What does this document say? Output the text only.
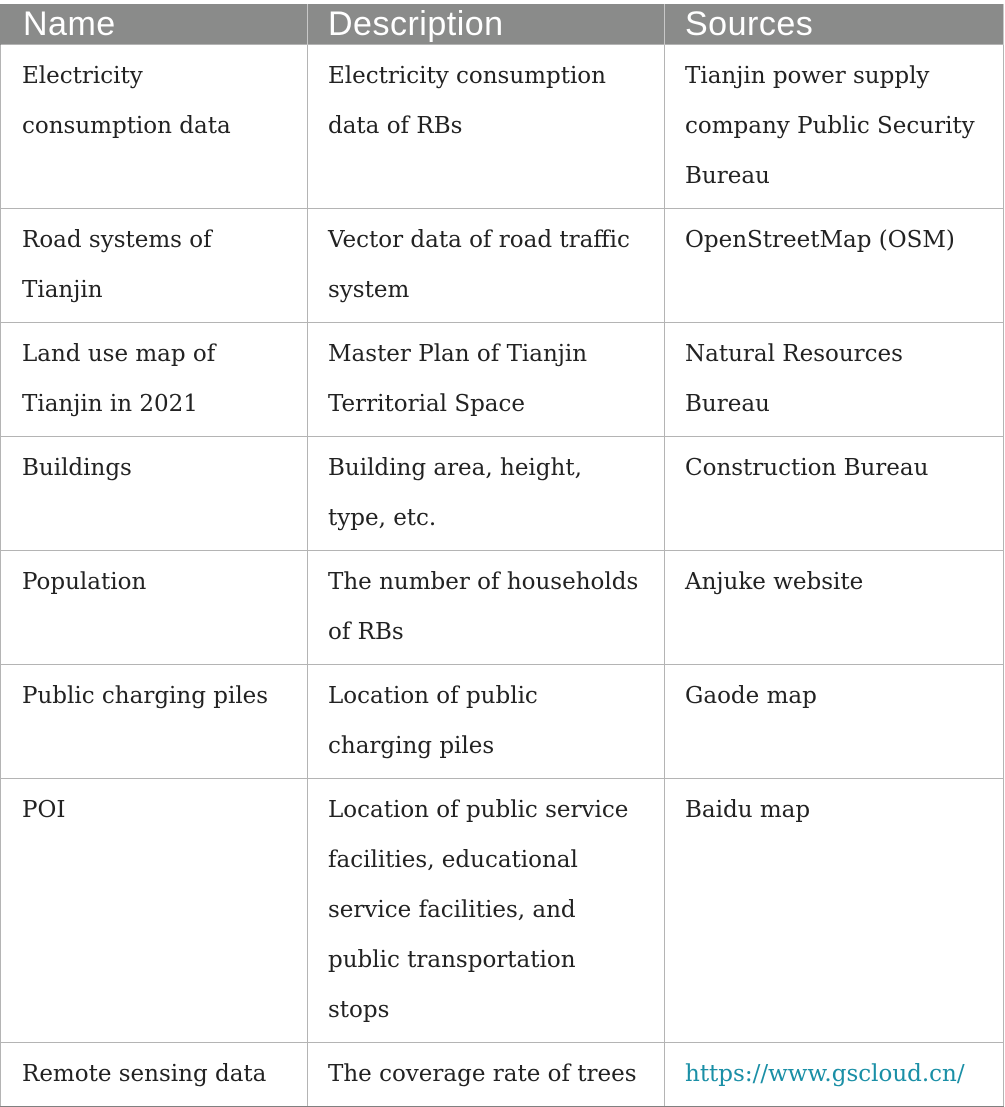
Name	Description	Sources
Electricity consumption data	Electricity consumption data of RBs	Tianjin power supply company Public Security Bureau
Road systems of Tianjin	Vector data of road traffic system	OpenStreetMap (OSM)
Land use map of Tianjin in 2021	Master Plan of Tianjin Territorial Space	Natural Resources Bureau
Buildings	Building area, height, type, etc.	Construction Bureau
Population	The number of households of RBs	Anjuke website
Public charging piles	Location of public charging piles	Gaode map
POI	Location of public service facilities, educational service facilities, and public transportation stops	Baidu map
Remote sensing data	The coverage rate of trees	https://www.gscloud.cn/
